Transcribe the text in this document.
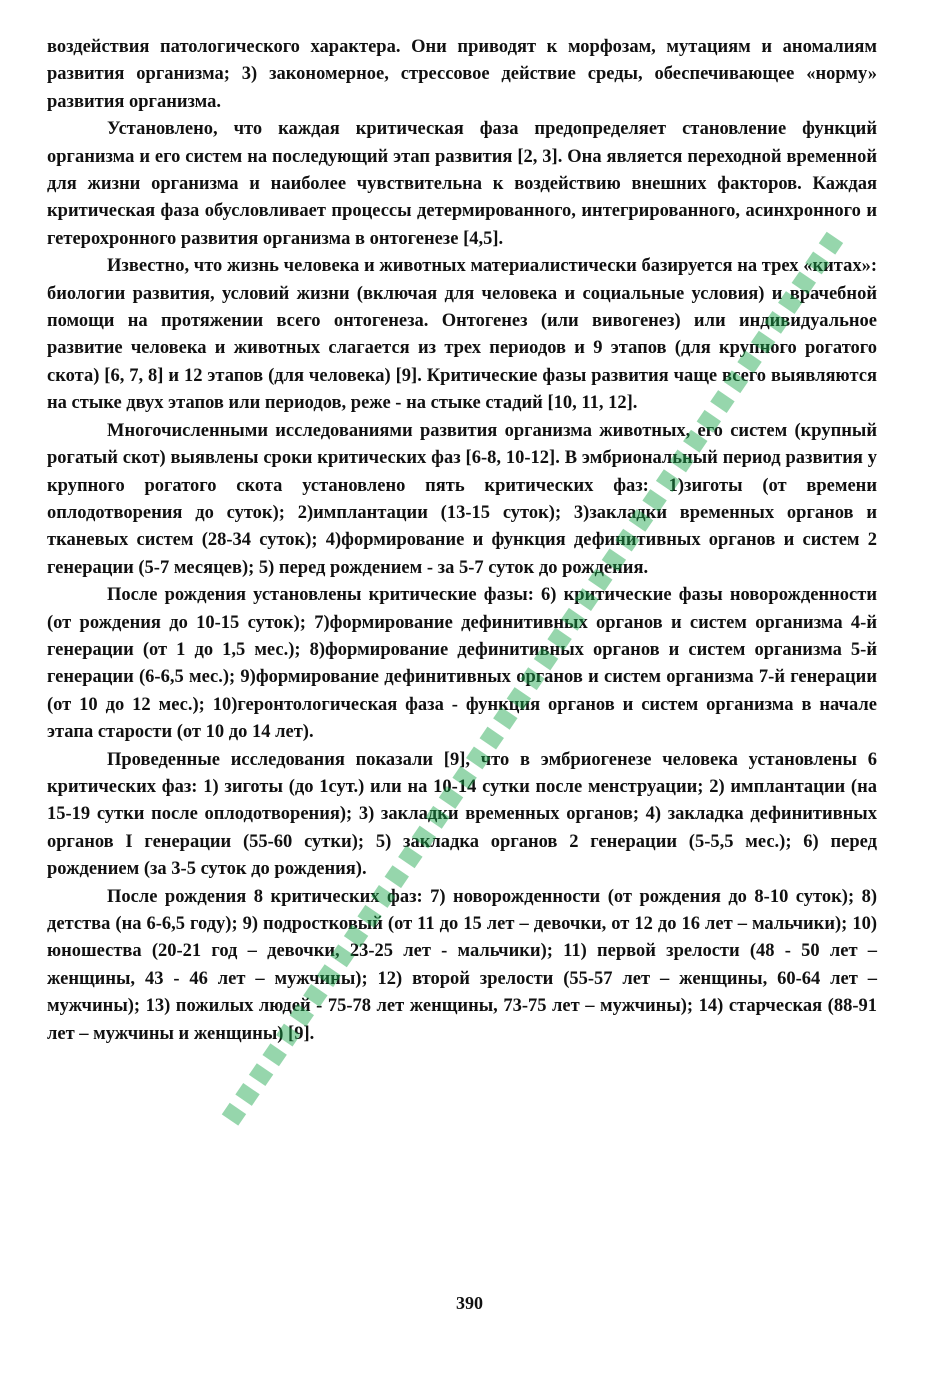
воздействия патологического характера. Они приводят к морфозам, мутациям и аномалиям развития организма; 3) закономерное, стрессовое действие среды, обеспечивающее «норму» развития организма.

Установлено, что каждая критическая фаза предопределяет становление функций организма и его систем на последующий этап развития [2, 3]. Она является переходной временной для жизни организма и наиболее чувствительна к воздействию внешних факторов. Каждая критическая фаза обусловливает процессы детермированного, интегрированного, асинхронного и гетерохронного развития организма в онтогенезе [4,5].

Известно, что жизнь человека и животных материалистически базируется на трех «китах»: биологии развития, условий жизни (включая для человека и социальные условия) и врачебной помощи на протяжении всего онтогенеза. Онтогенез (или вивогенез) или индивидуальное развитие человека и животных слагается из трех периодов и 9 этапов (для крупного рогатого скота) [6, 7, 8] и 12 этапов (для человека) [9]. Критические фазы развития чаще всего выявляются на стыке двух этапов или периодов, реже - на стыке стадий [10, 11, 12].

Многочисленными исследованиями развития организма животных, его систем (крупный рогатый скот) выявлены сроки критических фаз [6-8, 10-12]. В эмбриональный период развития у крупного рогатого скота установлено пять критических фаз: 1)зиготы (от времени оплодотворения до суток); 2)имплантации (13-15 суток); 3)закладки временных органов и тканевых систем (28-34 суток); 4)формирование и функция дефинитивных органов и систем 2 генерации (5-7 месяцев); 5) перед рождением - за 5-7 суток до рождения.

После рождения установлены критические фазы: 6) критические фазы новорожденности (от рождения до 10-15 суток); 7)формирование дефинитивных органов и систем организма 4-й генерации (от 1 до 1,5 мес.); 8)формирование дефинитивных органов и систем организма 5-й генерации (6-6,5 мес.); 9)формирование дефинитивных органов и систем организма 7-й генерации (от 10 до 12 мес.); 10)геронтологическая фаза - функция органов и систем организма в начале этапа старости (от 10 до 14 лет).

Проведенные исследования показали [9], что в эмбриогенезе человека установлены 6 критических фаз: 1) зиготы (до 1сут.) или на 10-14 сутки после менструации; 2) имплантации (на 15-19 сутки после оплодотворения); 3) закладки временных органов; 4) закладка дефинитивных органов I генерации (55-60 сутки); 5) закладка органов 2 генерации (5-5,5 мес.); 6) перед рождением (за 3-5 суток до рождения).

После рождения 8 критических фаз: 7) новорожденности (от рождения до 8-10 суток); 8) детства (на 6-6,5 году); 9) подростковый (от 11 до 15 лет – девочки, от 12 до 16 лет – мальчики); 10) юношества (20-21 год – девочки, 23-25 лет - мальчики); 11) первой зрелости (48 - 50 лет – женщины, 43 - 46 лет – мужчины); 12) второй зрелости (55-57 лет – женщины, 60-64 лет – мужчины); 13) пожилых людей - 75-78 лет женщины, 73-75 лет – мужчины); 14) старческая (88-91 лет – мужчины и женщины) [9].

390
